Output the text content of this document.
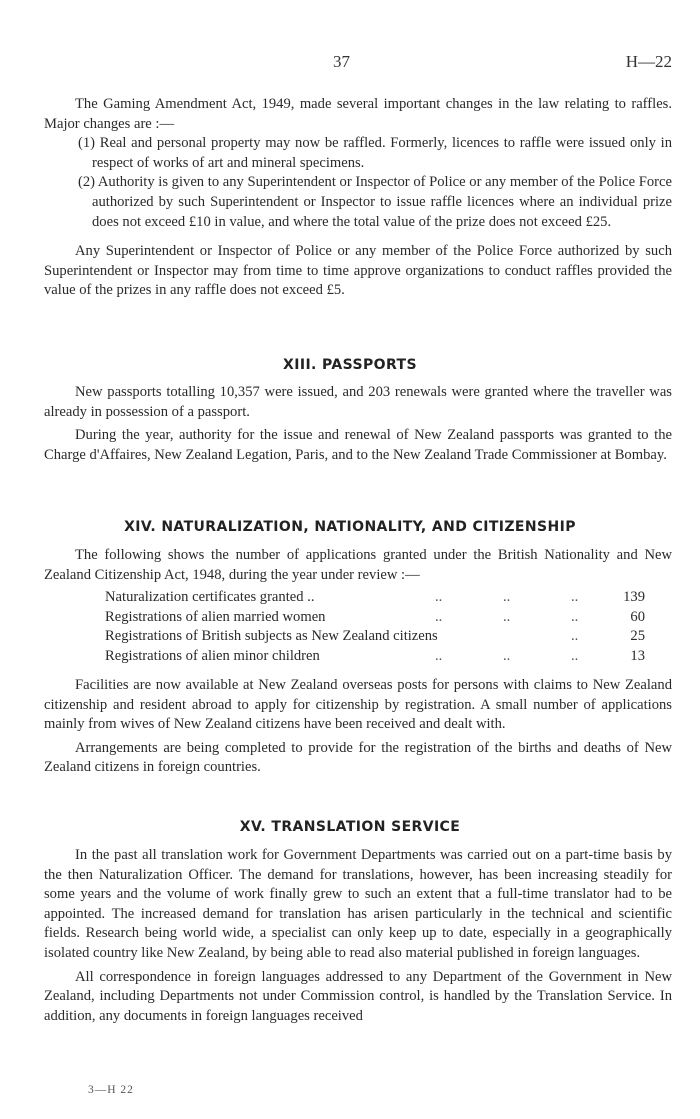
37	H—22

The Gaming Amendment Act, 1949, made several important changes in the law relating to raffles. Major changes are :—

(1) Real and personal property may now be raffled. Formerly, licences to raffle were issued only in respect of works of art and mineral specimens.

(2) Authority is given to any Superintendent or Inspector of Police or any member of the Police Force authorized by such Superintendent or Inspector to issue raffle licences where an individual prize does not exceed £10 in value, and where the total value of the prize does not exceed £25.

Any Superintendent or Inspector of Police or any member of the Police Force authorized by such Superintendent or Inspector may from time to time approve organizations to conduct raffles provided the value of the prizes in any raffle does not exceed £5.

XIII. PASSPORTS

New passports totalling 10,357 were issued, and 203 renewals were granted where the traveller was already in possession of a passport.

During the year, authority for the issue and renewal of New Zealand passports was granted to the Charge d'Affaires, New Zealand Legation, Paris, and to the New Zealand Trade Commissioner at Bombay.

XIV. NATURALIZATION, NATIONALITY, AND CITIZENSHIP

The following shows the number of applications granted under the British Nationality and New Zealand Citizenship Act, 1948, during the year under review :—

Naturalization certificates granted ..	..	..	..	139
Registrations of alien married women	..	..	..	60
Registrations of British subjects as New Zealand citizens			..	25
Registrations of alien minor children	..	..	..	13

Facilities are now available at New Zealand overseas posts for persons with claims to New Zealand citizenship and resident abroad to apply for citizenship by registration. A small number of applications mainly from wives of New Zealand citizens have been received and dealt with.

Arrangements are being completed to provide for the registration of the births and deaths of New Zealand citizens in foreign countries.

XV. TRANSLATION SERVICE

In the past all translation work for Government Departments was carried out on a part-time basis by the then Naturalization Officer. The demand for translations, however, has been increasing steadily for some years and the volume of work finally grew to such an extent that a full-time translator had to be appointed. The increased demand for translation has arisen particularly in the technical and scientific fields. Research being world wide, a specialist can only keep up to date, especially in a geographically isolated country like New Zealand, by being able to read also material published in foreign languages.

All correspondence in foreign languages addressed to any Department of the Government in New Zealand, including Departments not under Commission control, is handled by the Translation Service. In addition, any documents in foreign languages received

3—H 22
